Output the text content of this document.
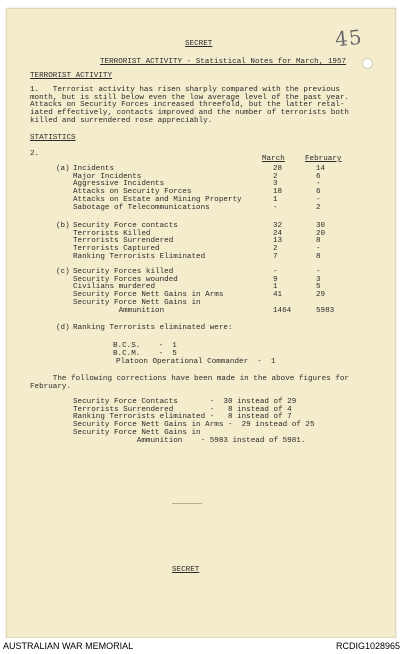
45
SECRET
TERRORIST ACTIVITY - Statistical Notes for March, 1957
TERRORIST ACTIVITY
1.   Terrorist activity has risen sharply compared with the previous
month, but is still below even the low average level of the past year.
Attacks on Security Forces increased threefold, but the latter retal-
iated effectively, contacts improved and the number of terrorists both
killed and surrendered rose appreciably.
STATISTICS
2.
March	February
(a) Incidents	28	14
Major Incidents	2	6
Aggressive Incidents	3	-
Attacks on Security Forces	18	6
Attacks on Estate and Mining Property	1	-
Sabotage of Telecommunications	-	2
(b) Security Force contacts	32	30
Terrorists Killed	24	20
Terrorists Surrendered	13	8
Terrorists Captured	2	-
Ranking Terrorists Eliminated	7	8
(c) Security Forces killed	-	-
Security Forces wounded	9	3
Civilians murdered	1	5
Security Force Nett Gains in Arms	41	29
Security Force Nett Gains in
Ammunition	1464	5983
(d) Ranking Terrorists eliminated were:
B.C.S.    -  1
B.C.M.    -  5
Platoon Operational Commander  -  1
The following corrections have been made in the above figures for
February.
Security Force Contacts       -  30 instead of 29
Terrorists Surrendered        -   8 instead of 4
Ranking Terrorists eliminated -   8 instead of 7
Security Force Nett Gains in Arms -  29 instead of 25
Security Force Nett Gains in
Ammunition    - 5983 instead of 5981.
SECRET
AUSTRALIAN WAR MEMORIAL	RCDIG1028965
